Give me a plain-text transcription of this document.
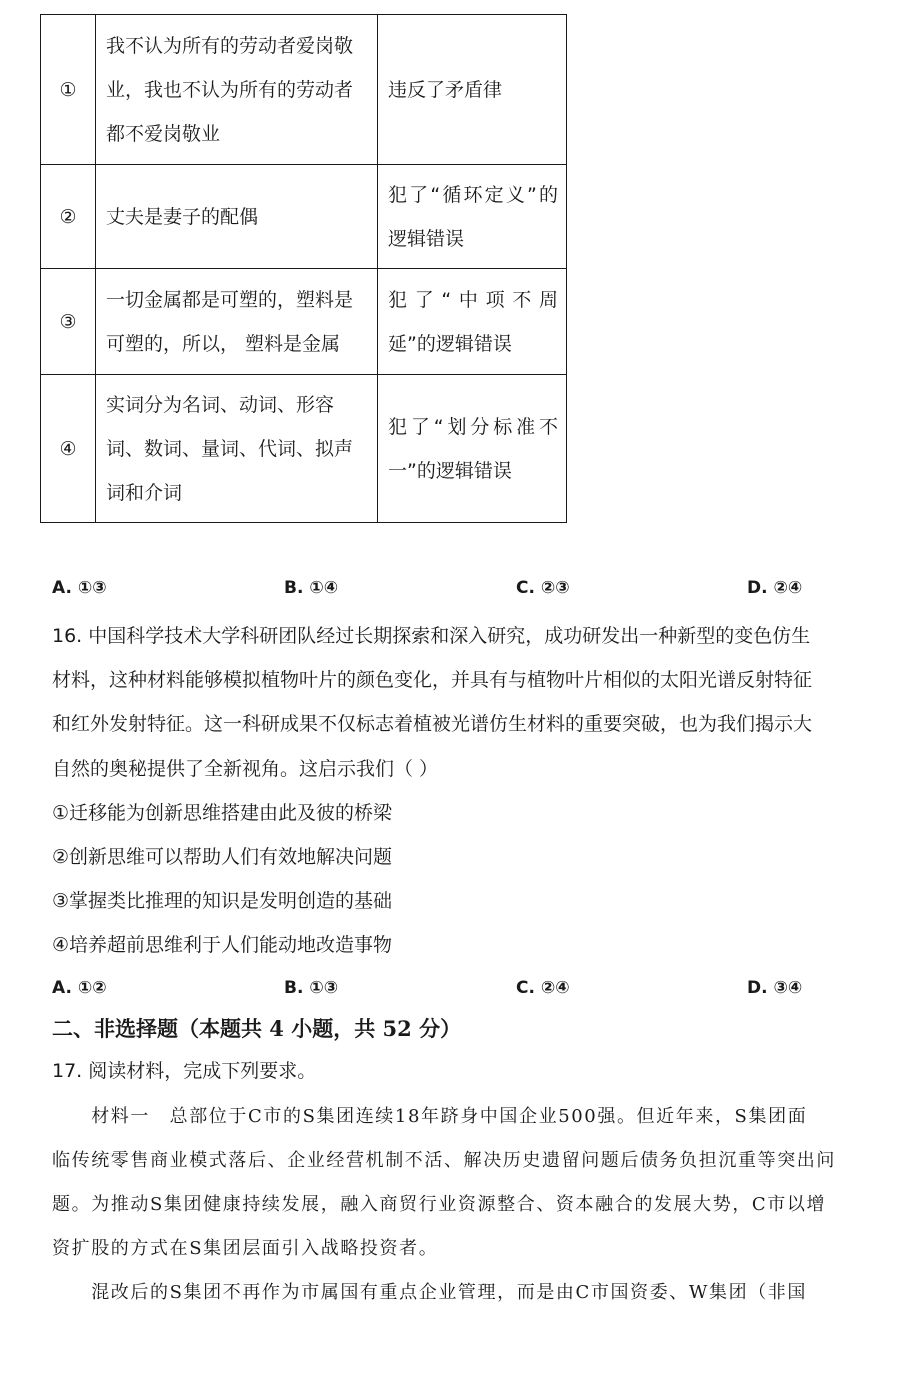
①	我不认为所有的劳动者爱岗敬业，我也不认为所有的劳动者都不爱岗敬业	违反了矛盾律
②	丈夫是妻子的配偶	犯了“循环定义”的逻辑错误
③	一切金属都是可塑的，塑料是可塑的，所以， 塑料是金属	犯了“中项不周延”的逻辑错误
④	实词分为名词、动词、形容词、数词、量词、代词、拟声词和介词	犯了“划分标准不一”的逻辑错误
A. ①③	B. ①④	C. ②③	D. ②④
16. 中国科学技术大学科研团队经过长期探索和深入研究，成功研发出一种新型的变色仿生
材料，这种材料能够模拟植物叶片的颜色变化，并具有与植物叶片相似的太阳光谱反射特征
和红外发射特征。这一科研成果不仅标志着植被光谱仿生材料的重要突破，也为我们揭示大
自然的奥秘提供了全新视角。这启示我们（ ）
①迁移能为创新思维搭建由此及彼的桥梁
②创新思维可以帮助人们有效地解决问题
③掌握类比推理的知识是发明创造的基础
④培养超前思维利于人们能动地改造事物
A. ①②	B. ①③	C. ②④	D. ③④
二、非选择题（本题共 4 小题，共 52 分）
17. 阅读材料，完成下列要求。
　　材料一　总部位于C市的S集团连续18年跻身中国企业500强。但近年来，S集团面
临传统零售商业模式落后、企业经营机制不活、解决历史遗留问题后债务负担沉重等突出问
题。为推动S集团健康持续发展，融入商贸行业资源整合、资本融合的发展大势，C市以增
资扩股的方式在S集团层面引入战略投资者。
　　混改后的S集团不再作为市属国有重点企业管理，而是由C市国资委、W集团（非国
